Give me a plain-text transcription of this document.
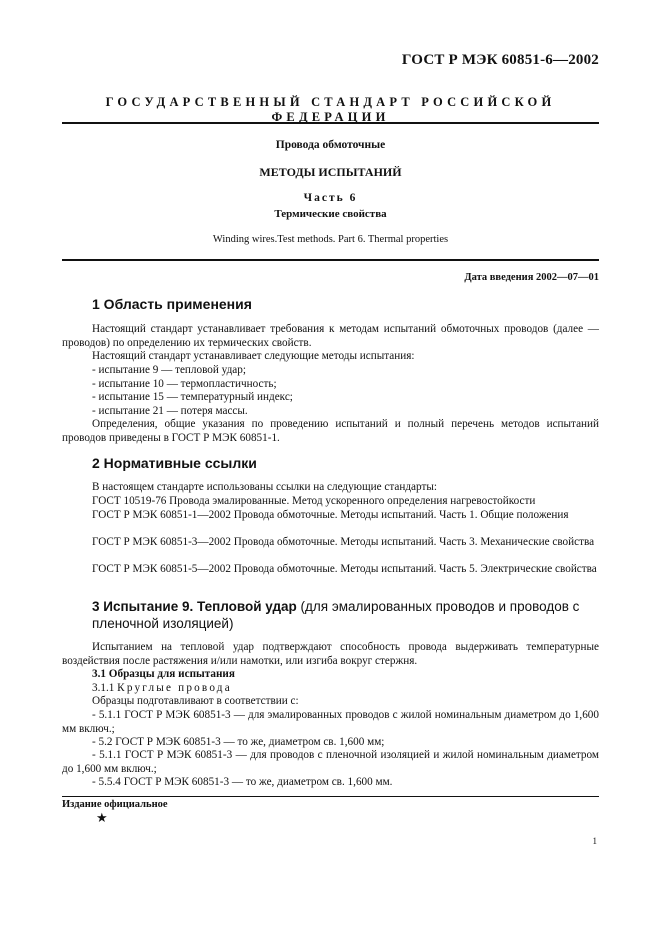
ГОСТ Р МЭК 60851-6—2002
ГОСУДАРСТВЕННЫЙ СТАНДАРТ РОССИЙСКОЙ ФЕДЕРАЦИИ
Провода обмоточные
МЕТОДЫ ИСПЫТАНИЙ
Часть 6
Термические свойства
Winding wires.Test methods. Part 6. Thermal properties
Дата введения 2002—07—01
1 Область применения
Настоящий стандарт устанавливает требования к методам испытаний обмоточных проводов (далее — проводов) по определению их термических свойств.
Настоящий стандарт устанавливает следующие методы испытания:
- испытание 9 — тепловой удар;
- испытание 10 — термопластичность;
- испытание 15 — температурный индекс;
- испытание 21 — потеря массы.
Определения, общие указания по проведению испытаний и полный перечень методов испытаний проводов приведены в ГОСТ Р МЭК 60851-1.
2 Нормативные ссылки
В настоящем стандарте использованы ссылки на следующие стандарты:
ГОСТ 10519-76 Провода эмалированные. Метод ускоренного определения нагревостойкости
ГОСТ Р МЭК 60851-1—2002 Провода обмоточные. Методы испытаний. Часть 1. Общие положения
ГОСТ Р МЭК 60851-3—2002 Провода обмоточные. Методы испытаний. Часть 3. Механические свойства
ГОСТ Р МЭК 60851-5—2002 Провода обмоточные. Методы испытаний. Часть 5. Электрические свойства
3 Испытание 9. Тепловой удар (для эмалированных проводов и проводов с пленочной изоляцией)
Испытанием на тепловой удар подтверждают способность провода выдерживать температурные воздействия после растяжения и/или намотки, или изгиба вокруг стержня.
3.1 Образцы для испытания
3.1.1 Круглые провода
Образцы подготавливают в соответствии с:
- 5.1.1 ГОСТ Р МЭК 60851-3 — для эмалированных проводов с жилой номинальным диаметром до 1,600 мм включ.;
- 5.2 ГОСТ Р МЭК 60851-3 — то же, диаметром св. 1,600 мм;
- 5.1.1 ГОСТ Р МЭК 60851-3 — для проводов с пленочной изоляцией и жилой номинальным диаметром до 1,600 мм включ.;
- 5.5.4 ГОСТ Р МЭК 60851-3 — то же, диаметром св. 1,600 мм.
Издание официальное
★
1
